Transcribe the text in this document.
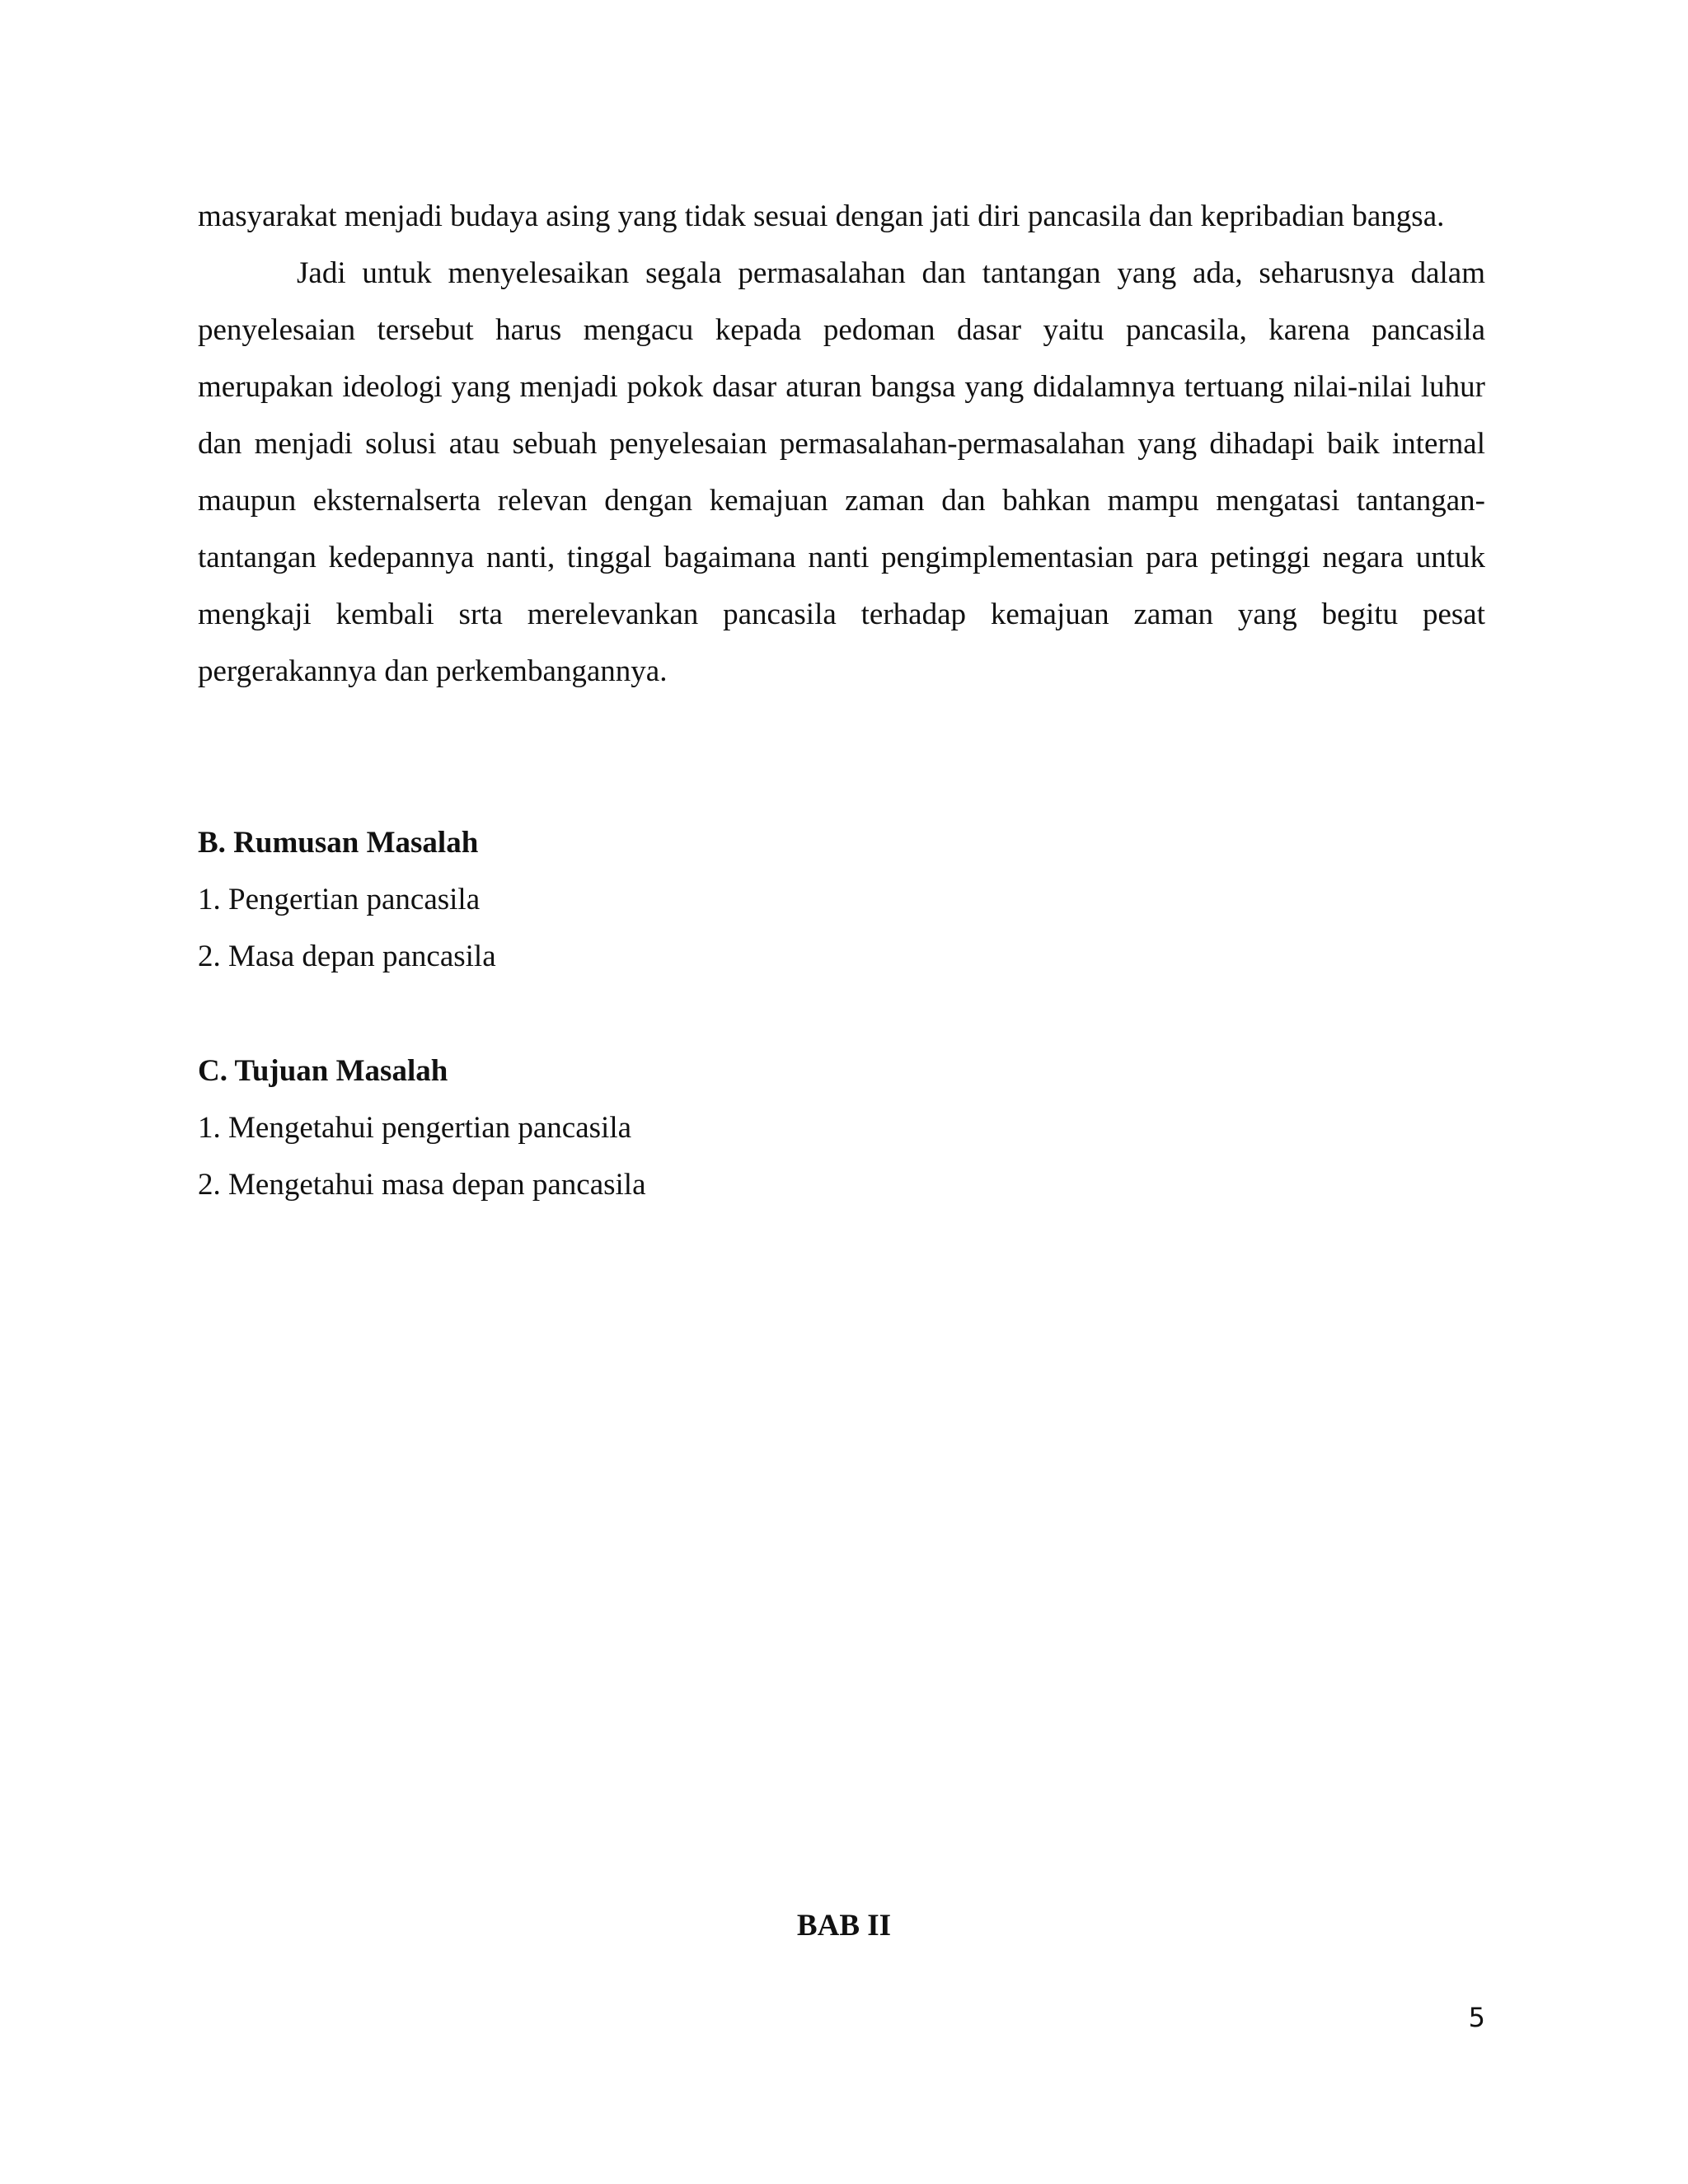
masyarakat menjadi budaya asing yang tidak sesuai dengan jati diri pancasila dan kepribadian bangsa.

Jadi untuk menyelesaikan segala permasalahan dan tantangan yang ada, seharusnya dalam penyelesaian tersebut harus mengacu kepada pedoman dasar yaitu pancasila, karena pancasila merupakan ideologi yang menjadi pokok dasar aturan bangsa yang didalamnya tertuang nilai-nilai luhur dan menjadi solusi atau sebuah penyelesaian permasalahan-permasalahan yang dihadapi baik internal maupun eksternalserta relevan dengan kemajuan zaman dan bahkan mampu mengatasi tantangan-tantangan kedepannya nanti, tinggal bagaimana nanti pengimplementasian para petinggi negara untuk mengkaji kembali srta merelevankan pancasila terhadap kemajuan zaman yang begitu pesat pergerakannya dan perkembangannya.

B. Rumusan Masalah
1. Pengertian pancasila
2. Masa depan pancasila
C. Tujuan Masalah
1. Mengetahui pengertian pancasila
2. Mengetahui masa depan pancasila
BAB II
5
